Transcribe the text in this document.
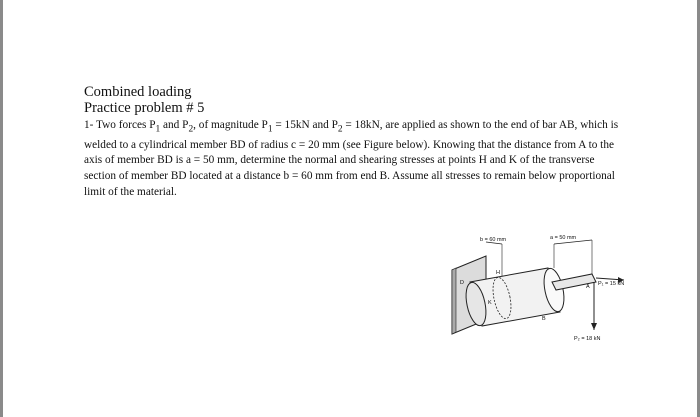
Combined loading
Practice problem # 5
1- Two forces $P_1$ and $P_2$, of magnitude $P_1 = 15kN$ and $P_2 = 18kN$, are applied as shown to the end of bar AB, which is welded to a cylindrical member BD of radius c = 20 mm (see Figure below). Knowing that the distance from A to the axis of member BD is a = 50 mm, determine the normal and shearing stresses at points H and K of the transverse section of member BD located at a distance b = 60 mm from end B. Assume all stresses to remain below proportional limit of the material.
b = 60 mm	a = 50 mm
P₁ = 15 kN
P₂ = 18 kN
A
D
H
K
B
